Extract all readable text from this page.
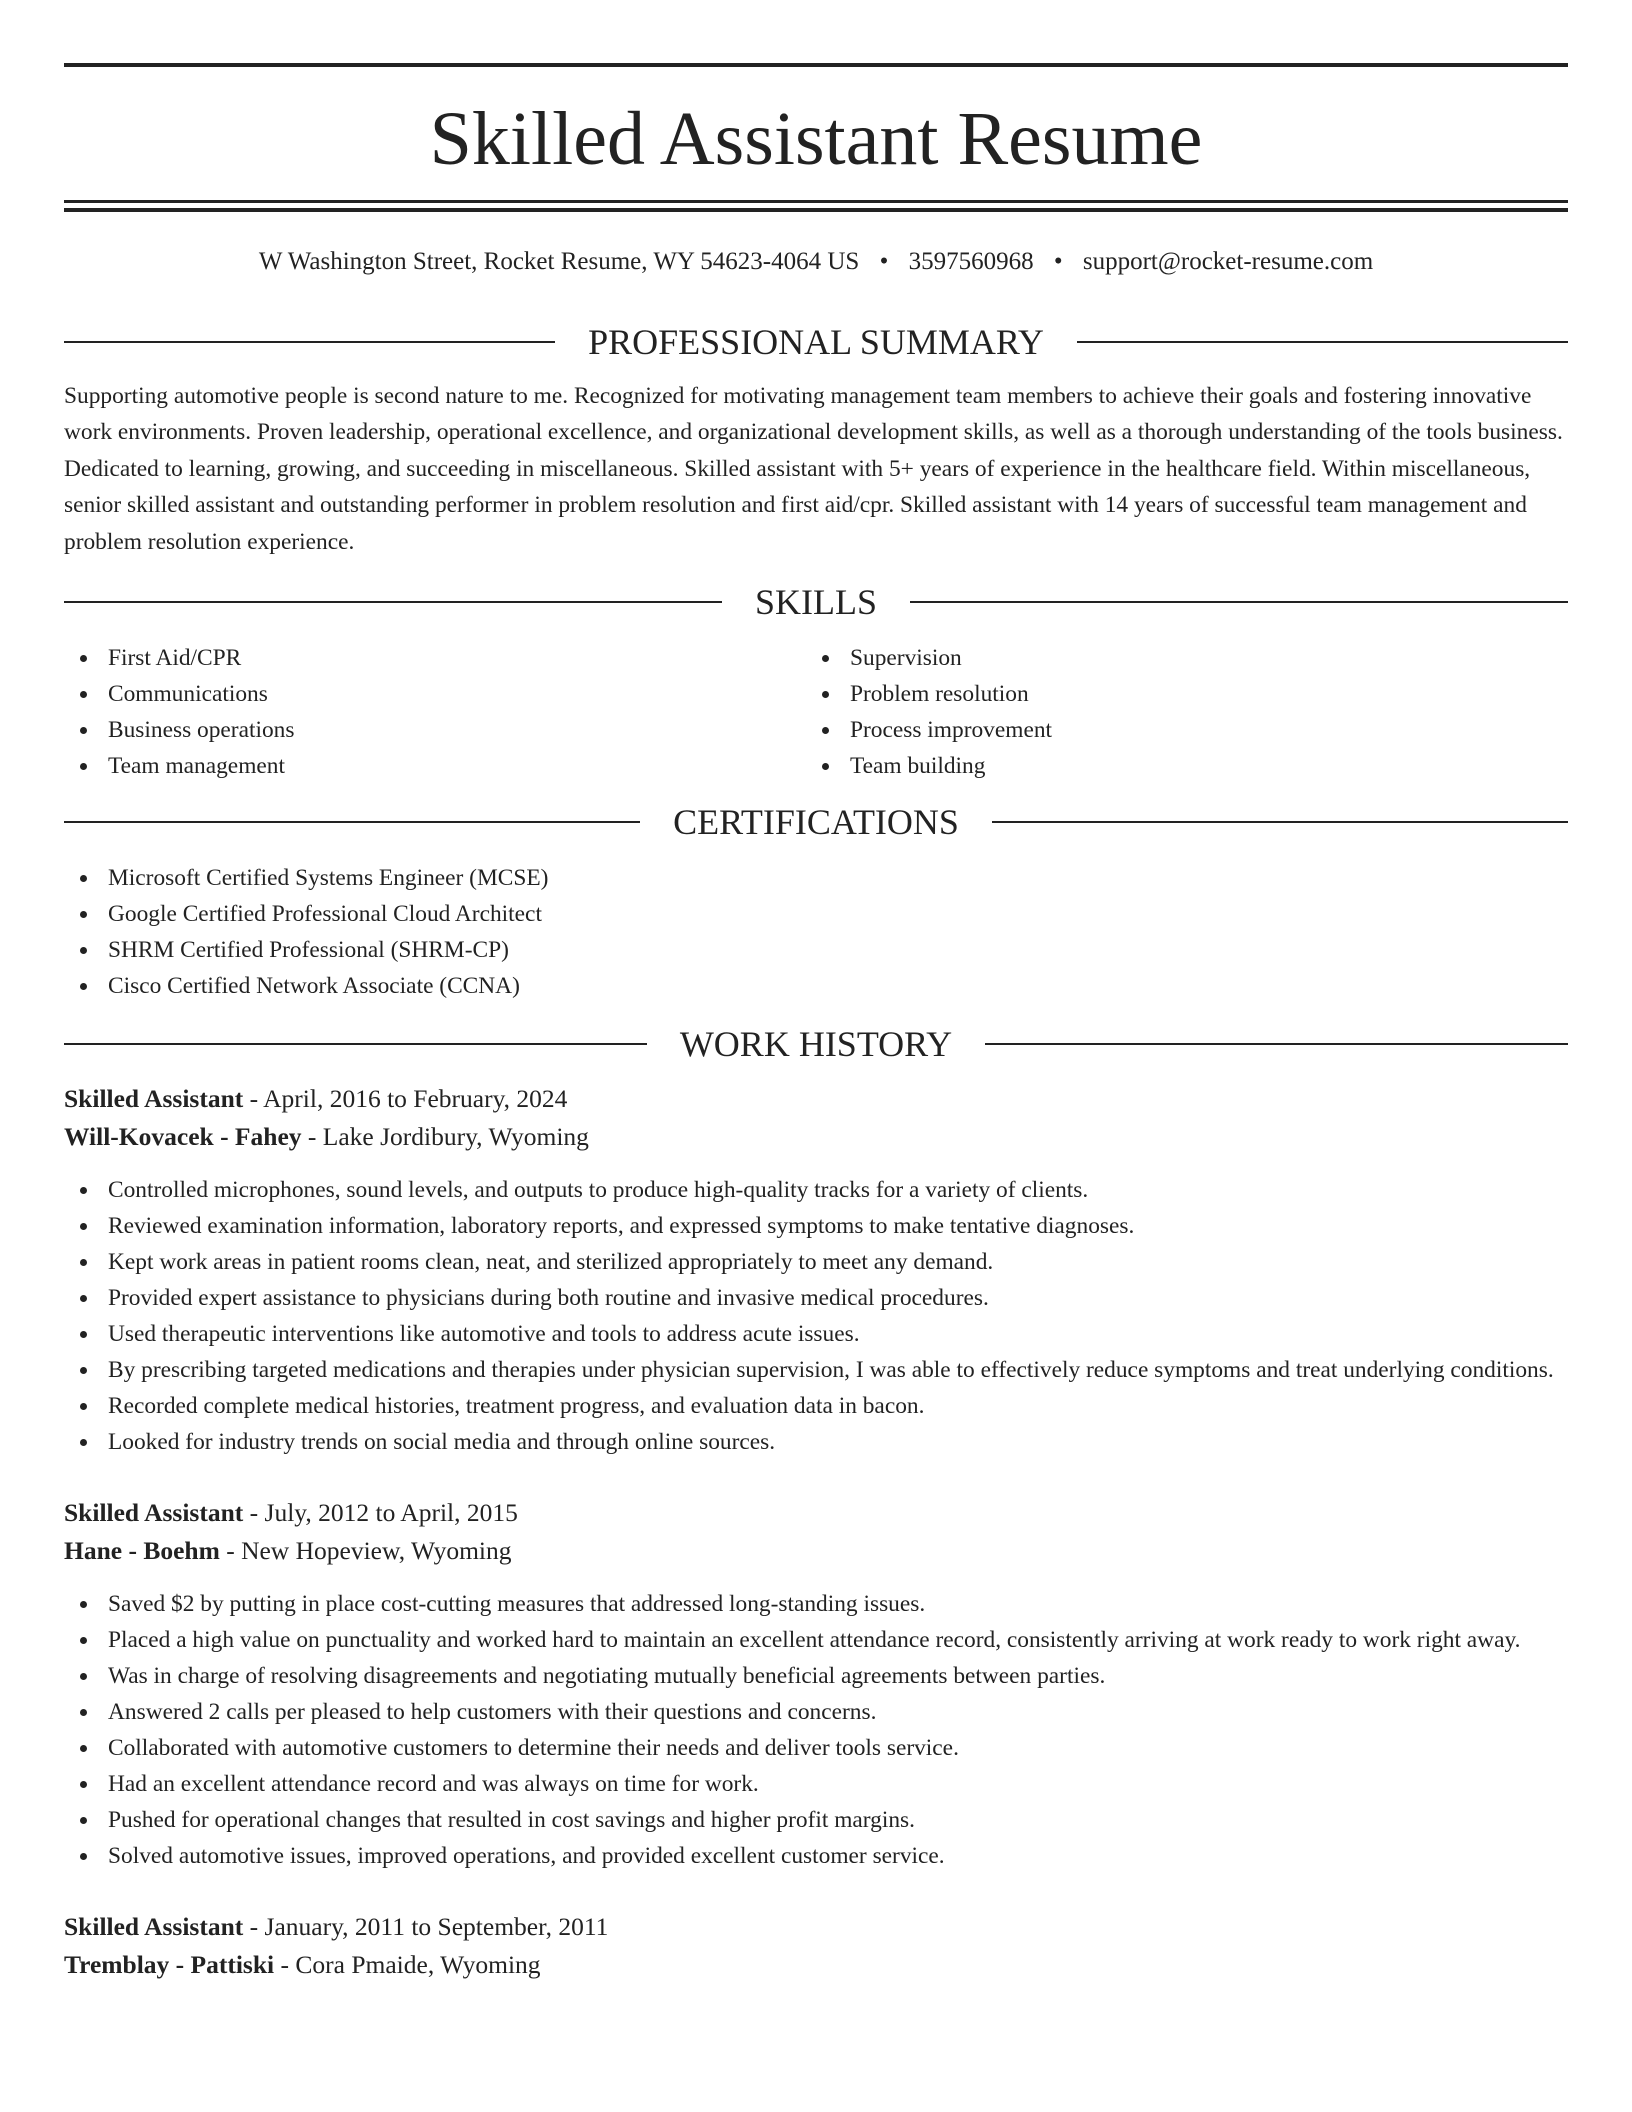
Skilled Assistant Resume
W Washington Street, Rocket Resume, WY 54623-4064 US • 3597560968 • support@rocket-resume.com
PROFESSIONAL SUMMARY

Supporting automotive people is second nature to me. Recognized for motivating management team members to achieve their goals and fostering innovative work environments. Proven leadership, operational excellence, and organizational development skills, as well as a thorough understanding of the tools business. Dedicated to learning, growing, and succeeding in miscellaneous. Skilled assistant with 5+ years of experience in the healthcare field. Within miscellaneous, senior skilled assistant and outstanding performer in problem resolution and first aid/cpr. Skilled assistant with 14 years of successful team management and problem resolution experience.

SKILLS
First Aid/CPR
Communications
Business operations
Team management
Supervision
Problem resolution
Process improvement
Team building
CERTIFICATIONS
Microsoft Certified Systems Engineer (MCSE)
Google Certified Professional Cloud Architect
SHRM Certified Professional (SHRM-CP)
Cisco Certified Network Associate (CCNA)
WORK HISTORY
Skilled Assistant - April, 2016 to February, 2024
Will-Kovacek - Fahey - Lake Jordibury, Wyoming
Controlled microphones, sound levels, and outputs to produce high-quality tracks for a variety of clients.
Reviewed examination information, laboratory reports, and expressed symptoms to make tentative diagnoses.
Kept work areas in patient rooms clean, neat, and sterilized appropriately to meet any demand.
Provided expert assistance to physicians during both routine and invasive medical procedures.
Used therapeutic interventions like automotive and tools to address acute issues.
By prescribing targeted medications and therapies under physician supervision, I was able to effectively reduce symptoms and treat underlying conditions.
Recorded complete medical histories, treatment progress, and evaluation data in bacon.
Looked for industry trends on social media and through online sources.
Skilled Assistant - July, 2012 to April, 2015
Hane - Boehm - New Hopeview, Wyoming
Saved $2 by putting in place cost-cutting measures that addressed long-standing issues.
Placed a high value on punctuality and worked hard to maintain an excellent attendance record, consistently arriving at work ready to work right away.
Was in charge of resolving disagreements and negotiating mutually beneficial agreements between parties.
Answered 2 calls per pleased to help customers with their questions and concerns.
Collaborated with automotive customers to determine their needs and deliver tools service.
Had an excellent attendance record and was always on time for work.
Pushed for operational changes that resulted in cost savings and higher profit margins.
Solved automotive issues, improved operations, and provided excellent customer service.
Skilled Assistant - January, 2011 to September, 2011
Tremblay - Pattiski - Cora Pmaide, Wyoming
